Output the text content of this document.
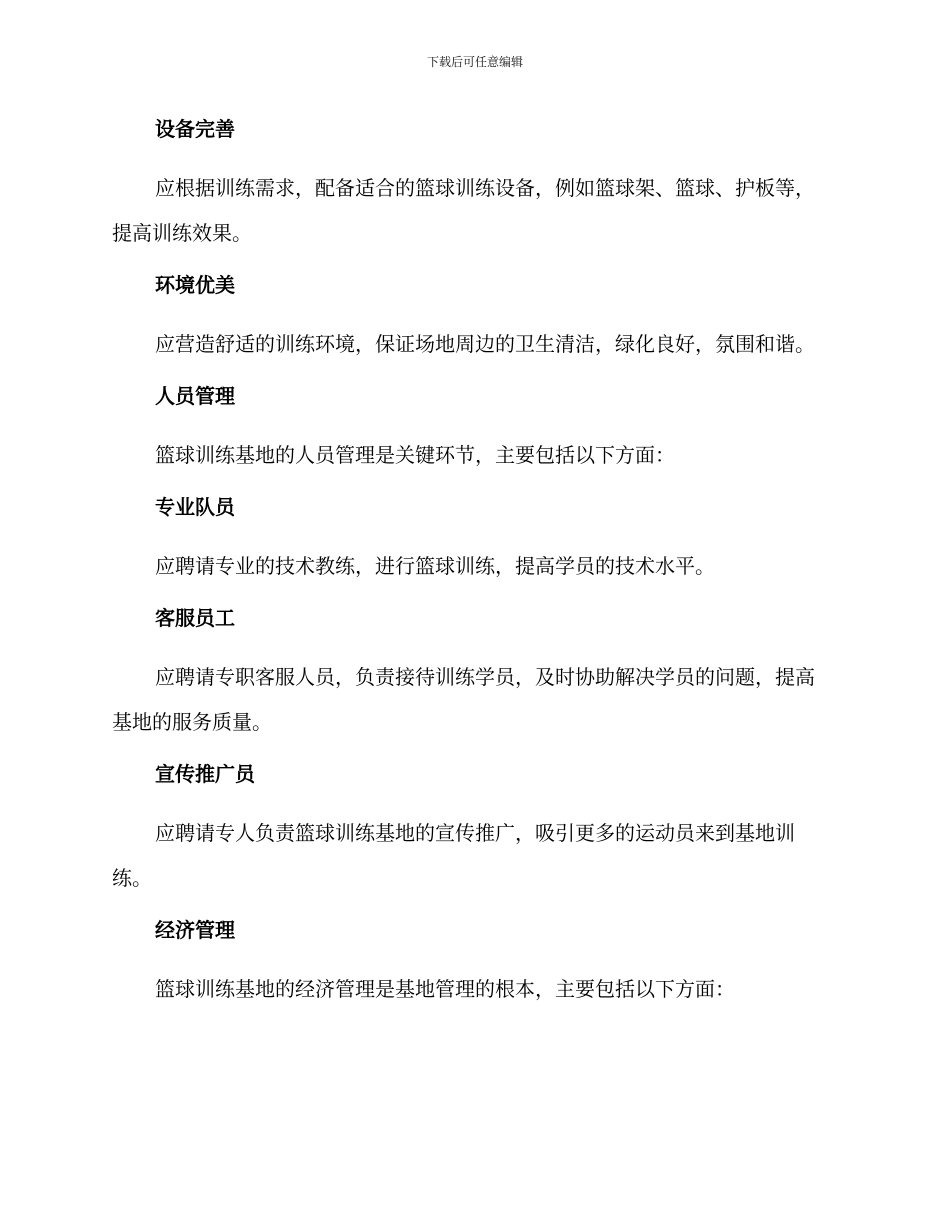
下载后可任意编辑
设备完善

应根据训练需求，配备适合的篮球训练设备，例如篮球架、篮球、护板等，提高训练效果。

环境优美

应营造舒适的训练环境，保证场地周边的卫生清洁，绿化良好，氛围和谐。

人员管理

篮球训练基地的人员管理是关键环节，主要包括以下方面：

专业队员

应聘请专业的技术教练，进行篮球训练，提高学员的技术水平。

客服员工

应聘请专职客服人员，负责接待训练学员，及时协助解决学员的问题，提高基地的服务质量。

宣传推广员

应聘请专人负责篮球训练基地的宣传推广，吸引更多的运动员来到基地训练。

经济管理

篮球训练基地的经济管理是基地管理的根本，主要包括以下方面：
